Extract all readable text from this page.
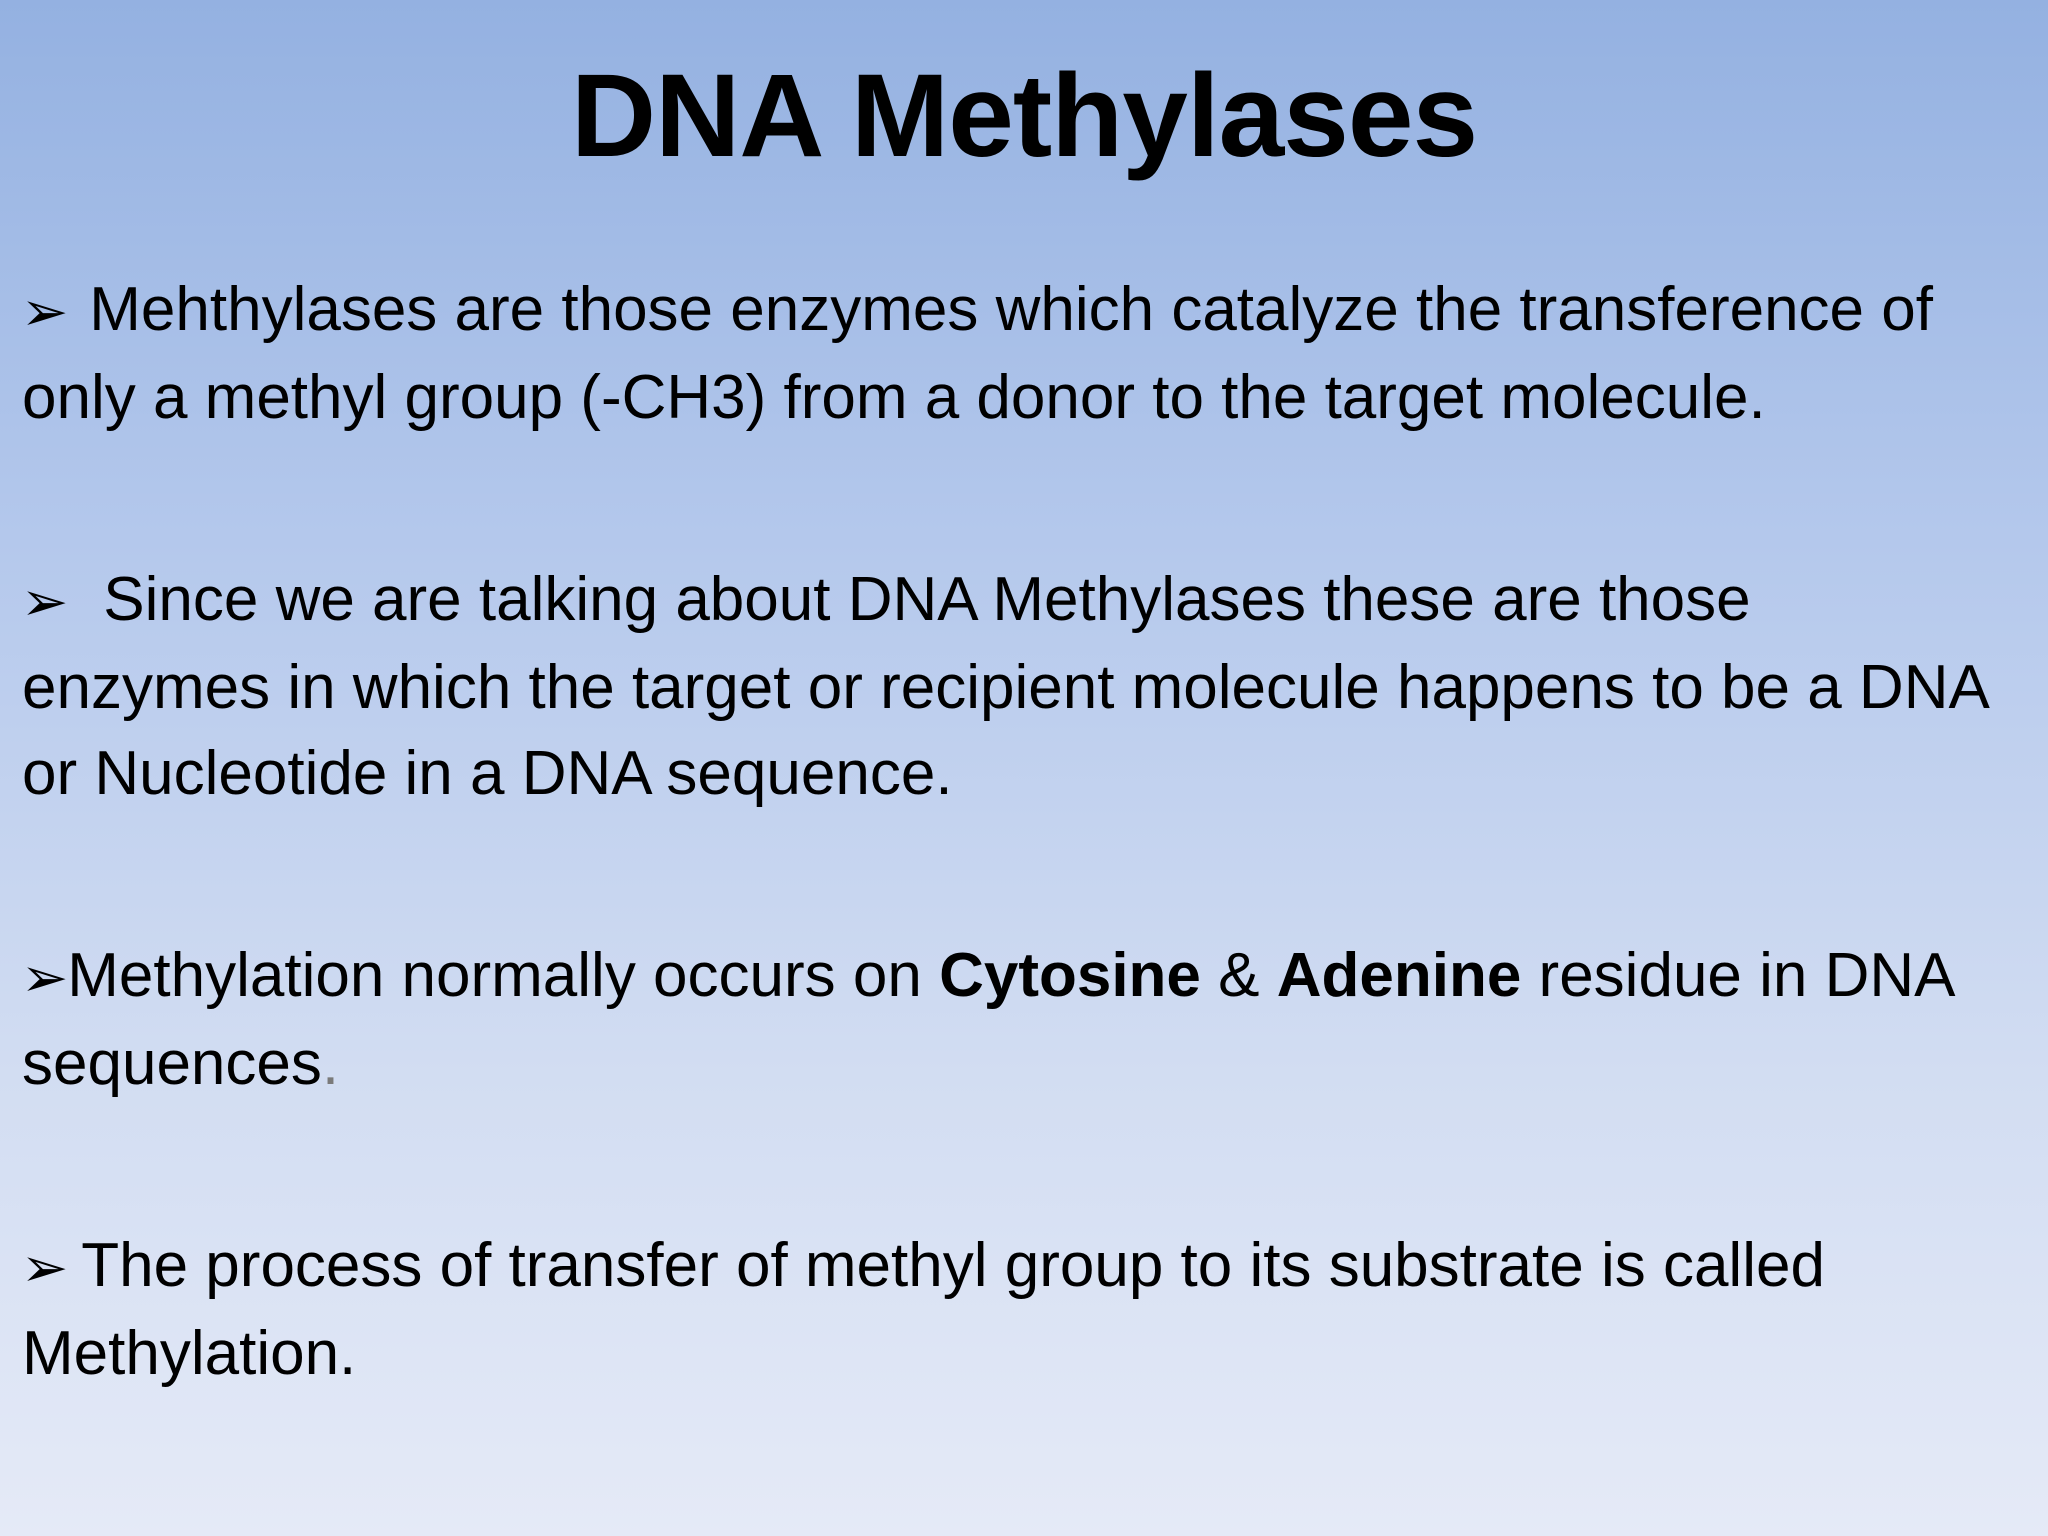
DNA Methylases

➢ Mehthylases are those enzymes which catalyze the transference of only a methyl group (-CH3) from a donor to the target molecule.

➢ Since we are talking about DNA Methylases these are those enzymes in which the target or recipient molecule happens to be a DNA or Nucleotide in a DNA sequence.

➢Methylation normally occurs on Cytosine & Adenine residue in DNA sequences.

➢ The process of transfer of methyl group to its substrate is called Methylation.
